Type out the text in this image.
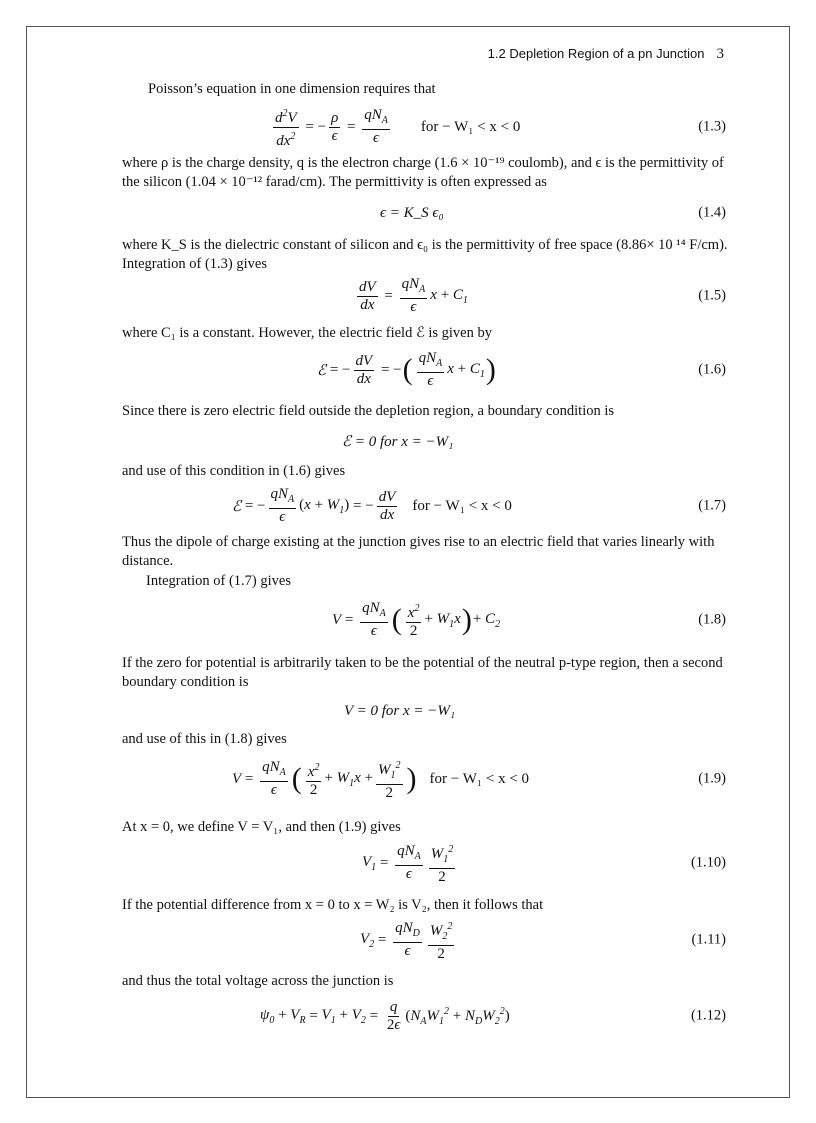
1.2 Depletion Region of a pn Junction 3
Poisson’s equation in one dimension requires that
$\frac{d^2V}{dx^2}$ = − $\frac{\rho}{\epsilon}$ =
$qN_A$
ϵ
for − W₁ < x < 0	(1.3)
where ρ is the charge density, q is the electron charge (1.6 × 10⁻¹⁹ coulomb), and ϵ is the permittivity of the silicon (1.04 × 10⁻¹² farad/cm). The permittivity is often expressed as
ϵ = K_S ϵ₀	(1.4)
where K_S is the dielectric constant of silicon and ϵ₀ is the permittivity of free space (8.86× 10 ¹⁴ F/cm). Integration of (1.3) gives
$\frac{dV}{dx}$ =
$qN_A$
ϵ
$x + C_1$	(1.5)
where C₁ is a constant. However, the electric field ℰ is given by
ℰ = − $\frac{dV}{dx}$ = − ( $qN_A$
ϵ
$x + C_1$ )	(1.6)
Since there is zero electric field outside the depletion region, a boundary condition is
ℰ = 0 for x = −W₁
and use of this condition in (1.6) gives
ℰ = −
$qN_A$
ϵ
$(x + W_1)$ = − $\frac{dV}{dx}$ for − W₁ < x < 0	(1.7)
Thus the dipole of charge existing at the junction gives rise to an electric field that varies linearly with distance.
Integration of (1.7) gives
V =
$qN_A$
ϵ ( $x^2$
2
+ $W_1x$ ) + $C_2$	(1.8)
If the zero for potential is arbitrarily taken to be the potential of the neutral p-type region, then a second boundary condition is
V = 0 for x = −W₁
and use of this in (1.8) gives
V =
$qN_A$
ϵ ( $x^2$
2
+ $W_1x + \frac{W_1^2}{2}$ ) for − W₁ < x < 0	(1.9)
At x = 0, we define V = V₁, and then (1.9) gives
$V_1$ =
$qN_A$
ϵ
$W_1^2$
2
(1.10)
If the potential difference from x = 0 to x = W₂ is V₂, then it follows that
$V_2$ =
$qN_D$
ϵ
$W_2^2$
2
(1.11)
and thus the total voltage across the junction is
$\psi_0 + V_R = V_1 + V_2 = \frac{q}{2\epsilon} (N_AW_1^2 + N_DW_2^2)$	(1.12)
